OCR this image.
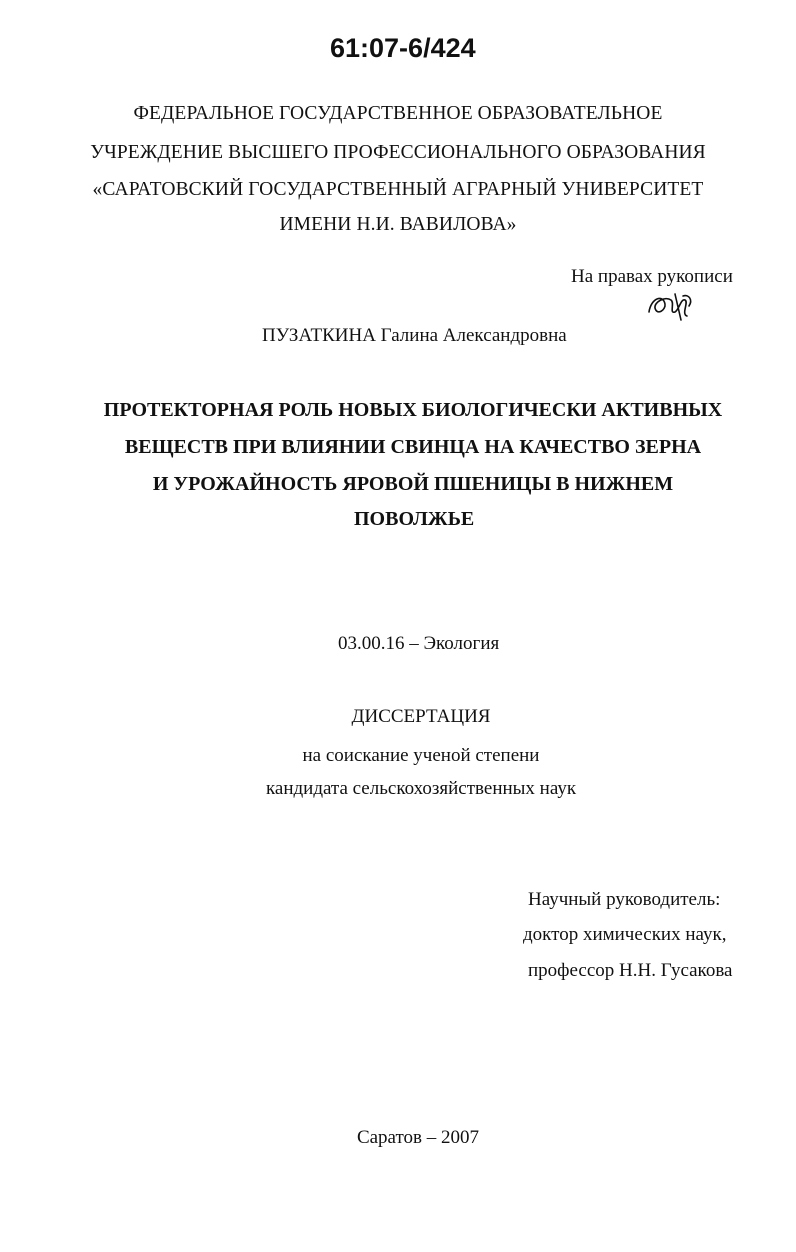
61:07-6/424
ФЕДЕРАЛЬНОЕ ГОСУДАРСТВЕННОЕ ОБРАЗОВАТЕЛЬНОЕ
УЧРЕЖДЕНИЕ ВЫСШЕГО ПРОФЕССИОНАЛЬНОГО ОБРАЗОВАНИЯ
«САРАТОВСКИЙ ГОСУДАРСТВЕННЫЙ АГРАРНЫЙ УНИВЕРСИТЕТ
ИМЕНИ Н.И. ВАВИЛОВА»
На правах рукописи
ПУЗАТКИНА Галина Александровна
ПРОТЕКТОРНАЯ РОЛЬ НОВЫХ БИОЛОГИЧЕСКИ АКТИВНЫХ
ВЕЩЕСТВ ПРИ ВЛИЯНИИ СВИНЦА НА КАЧЕСТВО ЗЕРНА
И УРОЖАЙНОСТЬ ЯРОВОЙ ПШЕНИЦЫ В НИЖНЕМ
ПОВОЛЖЬЕ
03.00.16 – Экология
ДИССЕРТАЦИЯ
на соискание ученой степени
кандидата сельскохозяйственных наук
Научный руководитель:
доктор химических наук,
профессор Н.Н. Гусакова
Саратов – 2007
